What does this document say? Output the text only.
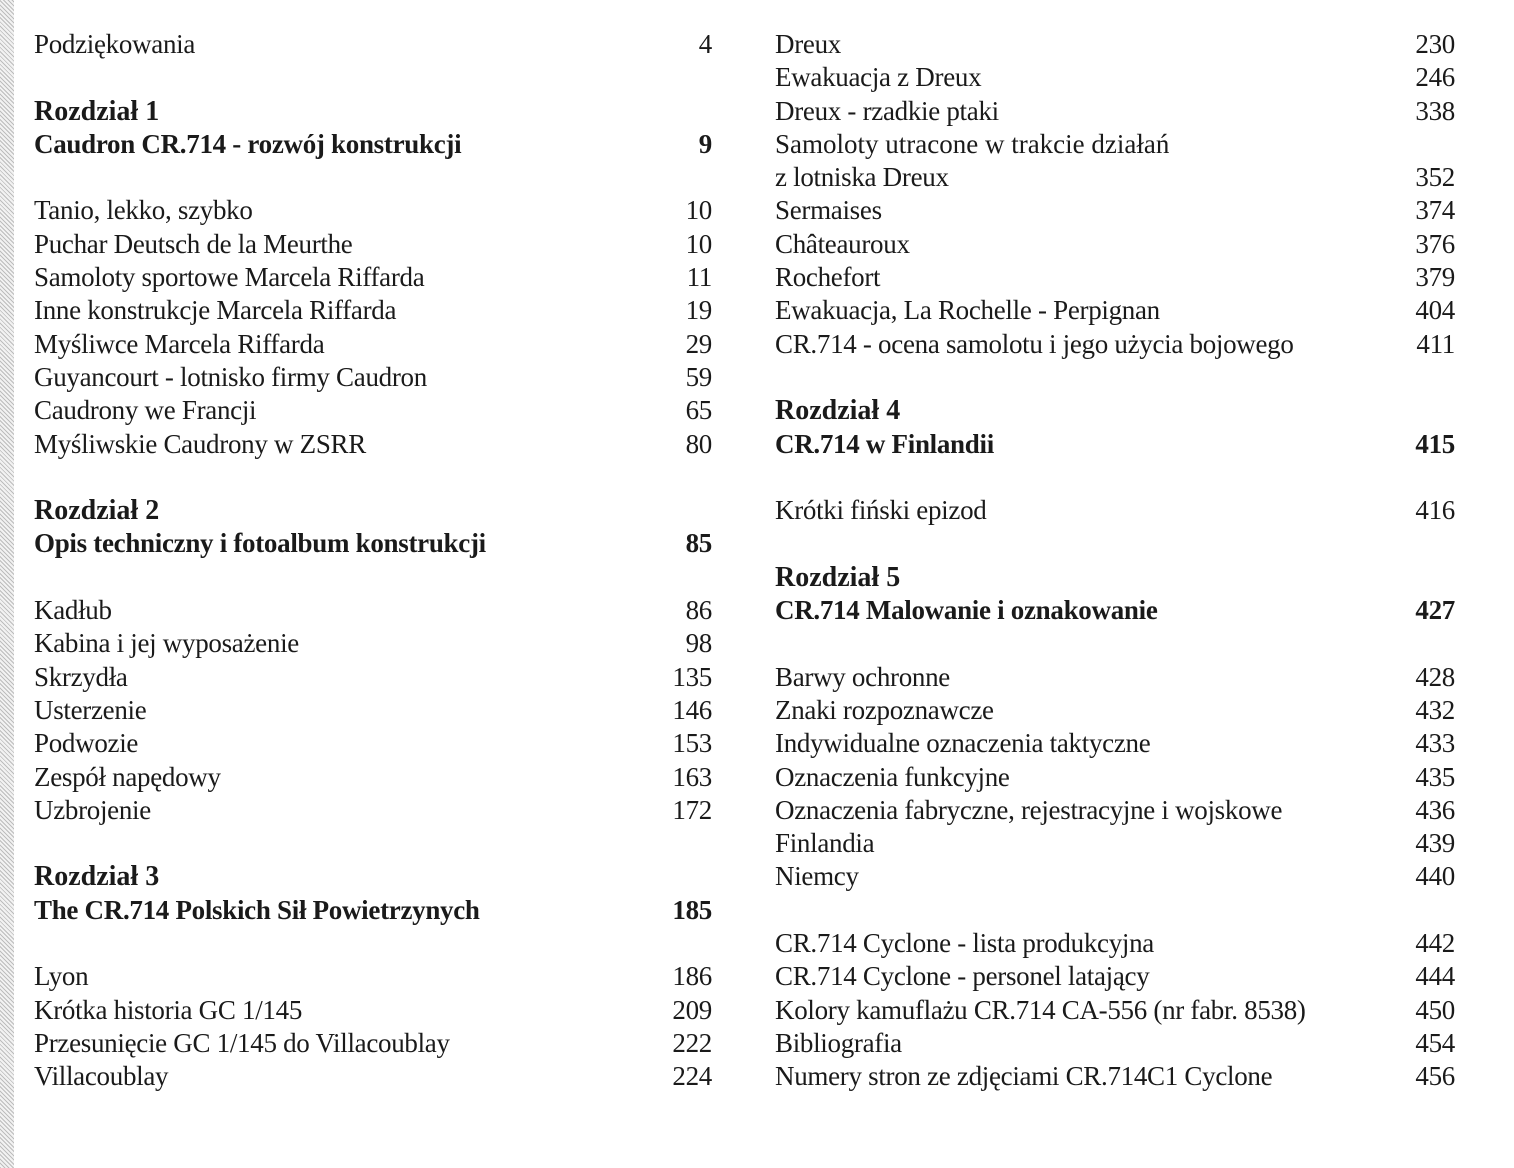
Podziękowania	4
Rozdział 1
Caudron CR.714 - rozwój konstrukcji	9
Tanio, lekko, szybko	10
Puchar Deutsch de la Meurthe	10
Samoloty sportowe Marcela Riffarda	11
Inne konstrukcje Marcela Riffarda	19
Myśliwce Marcela Riffarda	29
Guyancourt - lotnisko firmy Caudron	59
Caudrony we Francji	65
Myśliwskie Caudrony w ZSRR	80
Rozdział 2
Opis techniczny i fotoalbum konstrukcji	85
Kadłub	86
Kabina i jej wyposażenie	98
Skrzydła	135
Usterzenie	146
Podwozie	153
Zespół napędowy	163
Uzbrojenie	172
Rozdział 3
The CR.714 Polskich Sił Powietrzynych	185
Lyon	186
Krótka historia GC 1/145	209
Przesunięcie GC 1/145 do Villacoublay	222
Villacoublay	224
Dreux	230
Ewakuacja z Dreux	246
Dreux - rzadkie ptaki	338
Samoloty utracone w trakcie działań
z lotniska Dreux	352
Sermaises	374
Châteauroux	376
Rochefort	379
Ewakuacja, La Rochelle - Perpignan	404
CR.714 - ocena samolotu i jego użycia bojowego	411
Rozdział 4
CR.714 w Finlandii	415
Krótki fiński epizod	416
Rozdział 5
CR.714 Malowanie i oznakowanie	427
Barwy ochronne	428
Znaki rozpoznawcze	432
Indywidualne oznaczenia taktyczne	433
Oznaczenia funkcyjne	435
Oznaczenia fabryczne, rejestracyjne i wojskowe	436
Finlandia	439
Niemcy	440
CR.714 Cyclone - lista produkcyjna	442
CR.714 Cyclone - personel latający	444
Kolory kamuflażu CR.714 CA-556 (nr fabr. 8538)	450
Bibliografia	454
Numery stron ze zdjęciami CR.714C1 Cyclone	456
